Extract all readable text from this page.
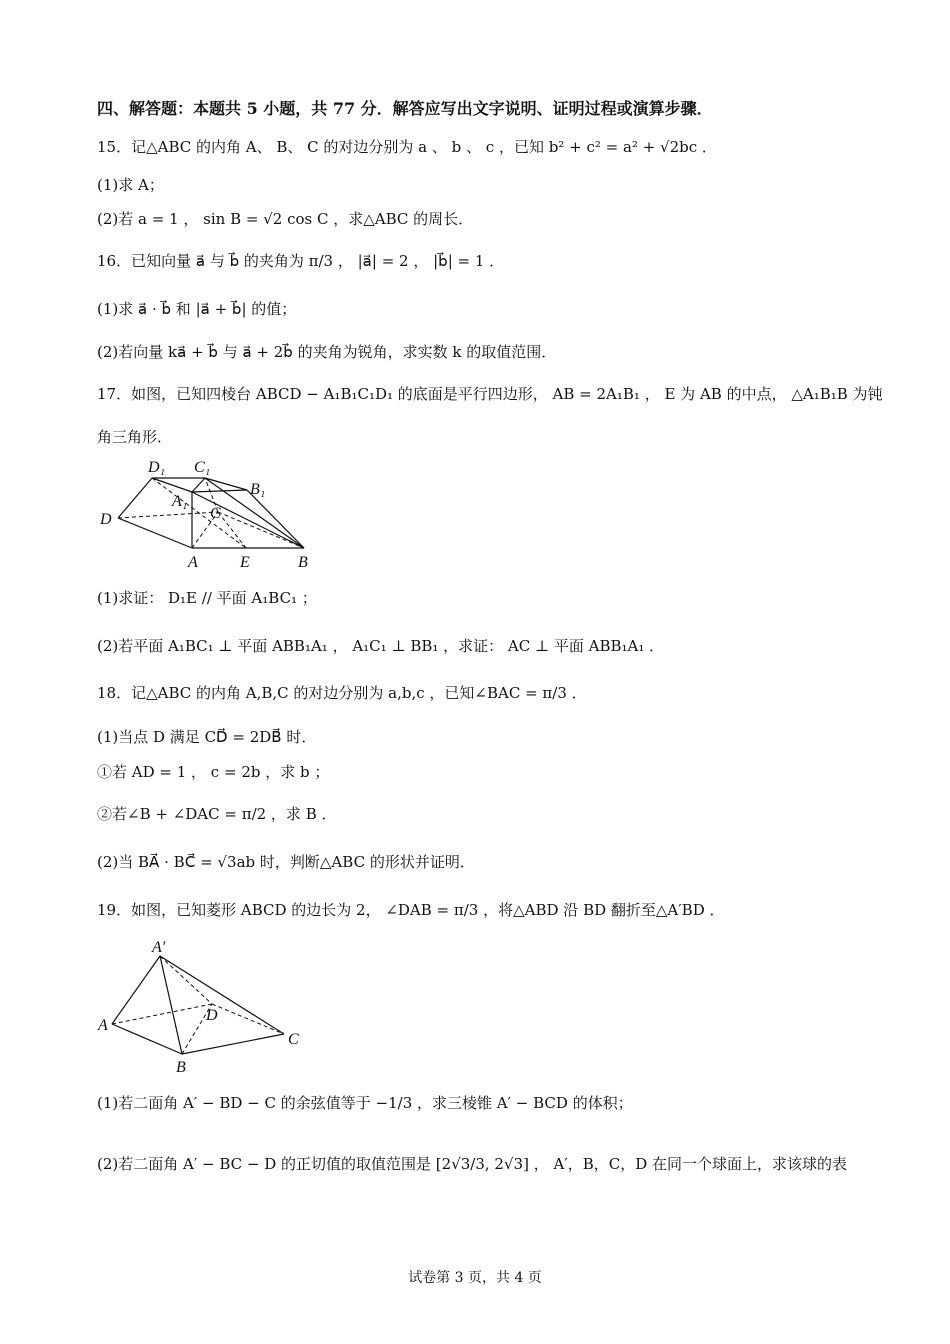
四、解答题：本题共 5 小题，共 77 分．解答应写出文字说明、证明过程或演算步骤．
15．记△ABC 的内角 A、 B、 C 的对边分别为 a 、 b 、 c ，已知 b² + c² = a² + √2bc ．
(1)求 A；
(2)若 a = 1 ， sin B = √2 cos C ，求△ABC 的周长．
16．已知向量 a⃗ 与 b⃗ 的夹角为 π/3 ， |a⃗| = 2 ， |b⃗| = 1 ．
(1)求 a⃗ · b⃗ 和 |a⃗ + b⃗| 的值；
(2)若向量 ka⃗ + b⃗ 与 a⃗ + 2b⃗ 的夹角为锐角，求实数 k 的取值范围．
17．如图，已知四棱台 ABCD − A₁B₁C₁D₁ 的底面是平行四边形， AB = 2A₁B₁ ， E 为 AB 的中点， △A₁B₁B 为钝
角三角形．
D₁ C₁
B₁
A₁
D	C
A	E	B
(1)求证： D₁E // 平面 A₁BC₁ ；
(2)若平面 A₁BC₁ ⊥ 平面 ABB₁A₁ ， A₁C₁ ⊥ BB₁ ，求证： AC ⊥ 平面 ABB₁A₁ ．
18．记△ABC 的内角 A,B,C 的对边分别为 a,b,c ，已知∠BAC = π/3 ．
(1)当点 D 满足 CD⃗ = 2DB⃗ 时．
①若 AD = 1 ， c = 2b ，求 b ；
②若∠B + ∠DAC = π/2 ，求 B ．
(2)当 BA⃗ · BC⃗ = √3ab 时，判断△ABC 的形状并证明．
19．如图，已知菱形 ABCD 的边长为 2， ∠DAB = π/3 ，将△ABD 沿 BD 翻折至△A′BD ．
A′
A
D
C
B
(1)若二面角 A′ − BD − C 的余弦值等于 −1/3 ，求三棱锥 A′ − BCD 的体积；
(2)若二面角 A′ − BC − D 的正切值的取值范围是 [2√3/3, 2√3] ， A′，B，C，D 在同一个球面上，求该球的表
试卷第 3 页，共 4 页
